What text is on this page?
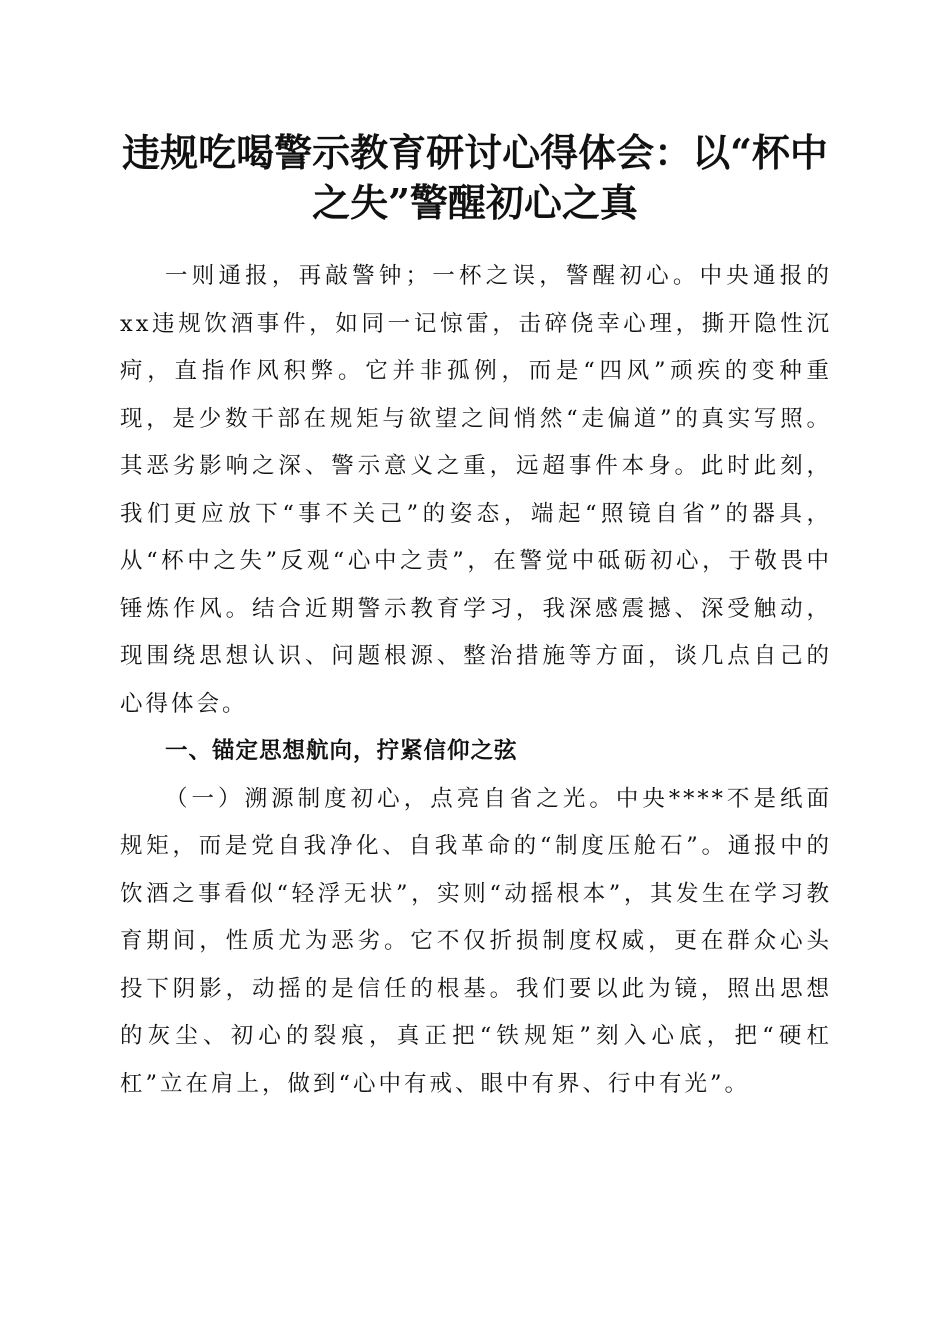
违规吃喝警示教育研讨心得体会：以“杯中之失”警醒初心之真

一则通报，再敲警钟；一杯之误，警醒初心。中央通报的xx违规饮酒事件，如同一记惊雷，击碎侥幸心理，撕开隐性沉疴，直指作风积弊。它并非孤例，而是“四风”顽疾的变种重现，是少数干部在规矩与欲望之间悄然“走偏道”的真实写照。其恶劣影响之深、警示意义之重，远超事件本身。此时此刻，我们更应放下“事不关己”的姿态，端起“照镜自省”的器具，从“杯中之失”反观“心中之责”，在警觉中砥砺初心，于敬畏中锤炼作风。结合近期警示教育学习，我深感震撼、深受触动，现围绕思想认识、问题根源、整治措施等方面，谈几点自己的心得体会。

一、锚定思想航向，拧紧信仰之弦

（一）溯源制度初心，点亮自省之光。中央****不是纸面规矩，而是党自我净化、自我革命的“制度压舱石”。通报中的饮酒之事看似“轻浮无状”，实则“动摇根本”，其发生在学习教育期间，性质尤为恶劣。它不仅折损制度权威，更在群众心头投下阴影，动摇的是信任的根基。我们要以此为镜，照出思想的灰尘、初心的裂痕，真正把“铁规矩”刻入心底，把“硬杠杠”立在肩上，做到“心中有戒、眼中有界、行中有光”。
